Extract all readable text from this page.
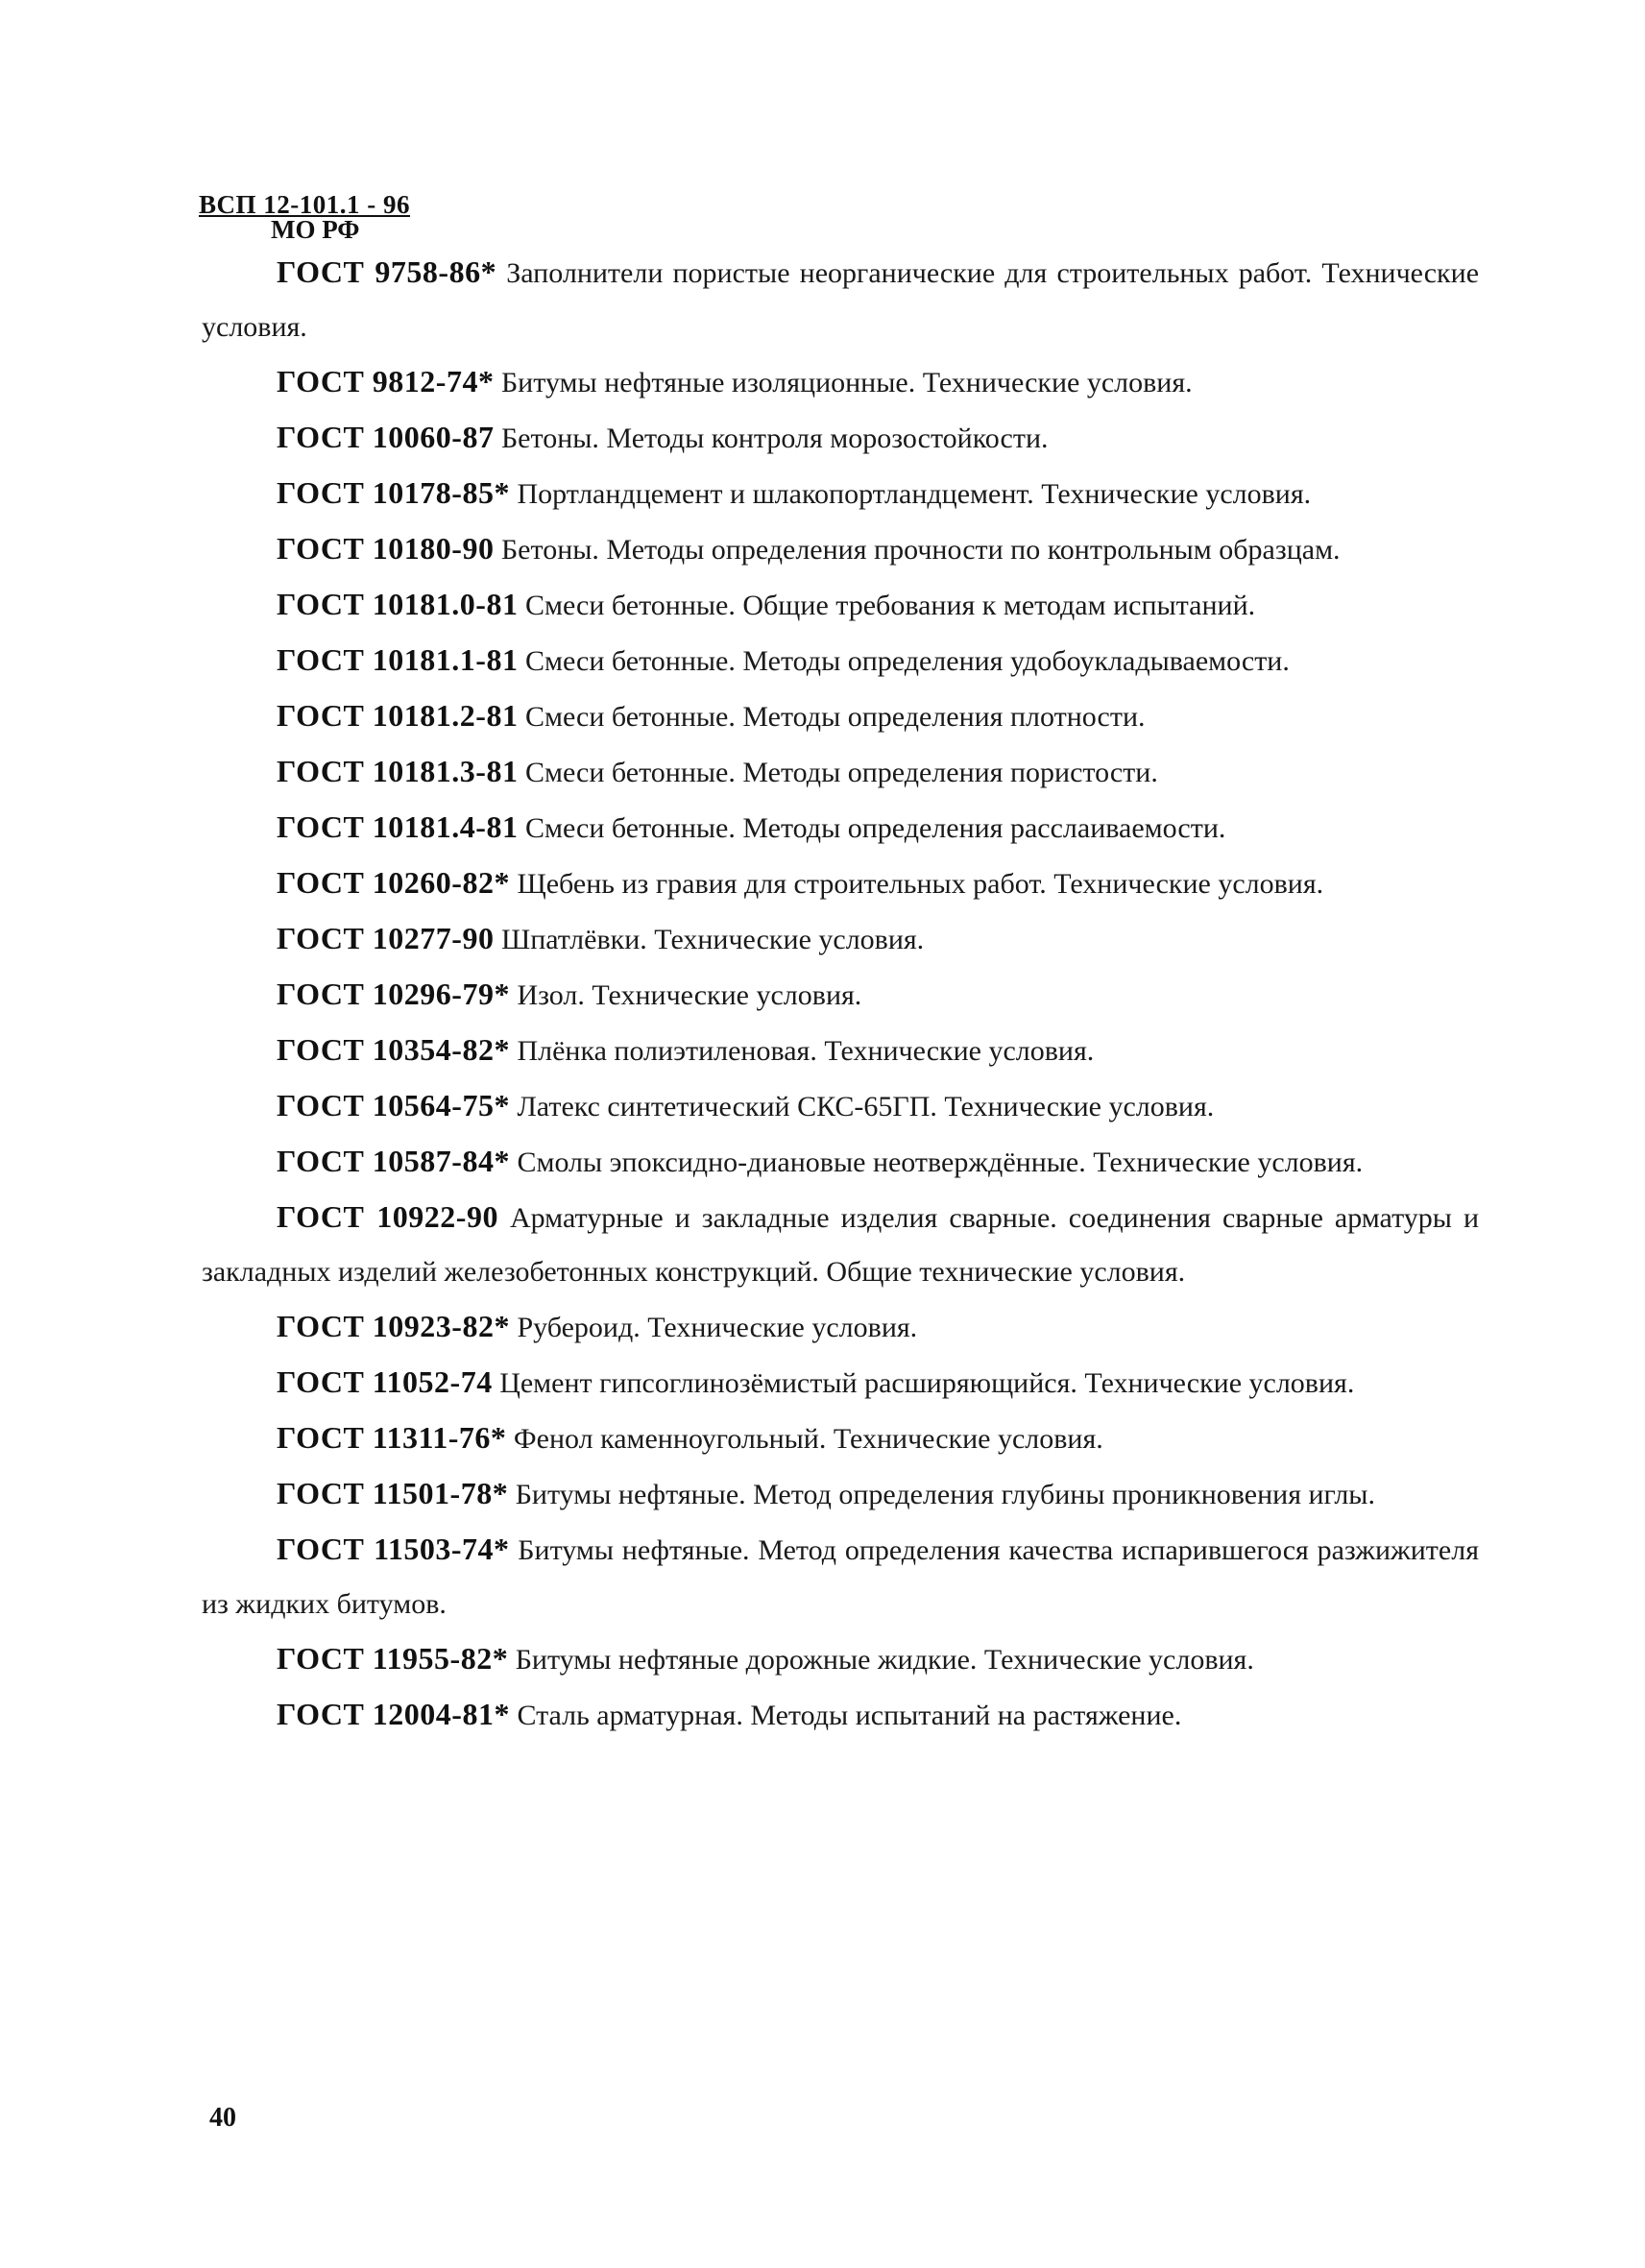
ВСП 12-101.1 - 96
МО РФ

ГОСТ 9758-86* Заполнители пористые неорганические для строительных работ. Технические условия.

ГОСТ 9812-74* Битумы нефтяные изоляционные. Технические условия.

ГОСТ 10060-87 Бетоны. Методы контроля морозостойкости.

ГОСТ 10178-85* Портландцемент и шлакопортландцемент. Технические условия.

ГОСТ 10180-90 Бетоны. Методы определения прочности по контрольным образцам.

ГОСТ 10181.0-81 Смеси бетонные. Общие требования к методам испытаний.

ГОСТ 10181.1-81 Смеси бетонные. Методы определения удобоукладываемости.

ГОСТ 10181.2-81 Смеси бетонные. Методы определения плотности.

ГОСТ 10181.3-81 Смеси бетонные. Методы определения пористости.

ГОСТ 10181.4-81 Смеси бетонные. Методы определения расслаиваемости.

ГОСТ 10260-82* Щебень из гравия для строительных работ. Технические условия.

ГОСТ 10277-90 Шпатлёвки. Технические условия.

ГОСТ 10296-79* Изол. Технические условия.

ГОСТ 10354-82* Плёнка полиэтиленовая. Технические условия.

ГОСТ 10564-75* Латекс синтетический СКС-65ГП. Технические условия.

ГОСТ 10587-84* Смолы эпоксидно-диановые неотверждённые. Технические условия.

ГОСТ 10922-90 Арматурные и закладные изделия сварные. соединения сварные арматуры и закладных изделий железобетонных конструкций. Общие технические условия.

ГОСТ 10923-82* Рубероид. Технические условия.

ГОСТ 11052-74 Цемент гипсоглинозёмистый расширяющийся. Технические условия.

ГОСТ 11311-76* Фенол каменноугольный. Технические условия.

ГОСТ 11501-78* Битумы нефтяные. Метод определения глубины проникновения иглы.

ГОСТ 11503-74* Битумы нефтяные. Метод определения качества испарившегося разжижителя из жидких битумов.

ГОСТ 11955-82* Битумы нефтяные дорожные жидкие. Технические условия.

ГОСТ 12004-81* Сталь арматурная. Методы испытаний на растяжение.

40
